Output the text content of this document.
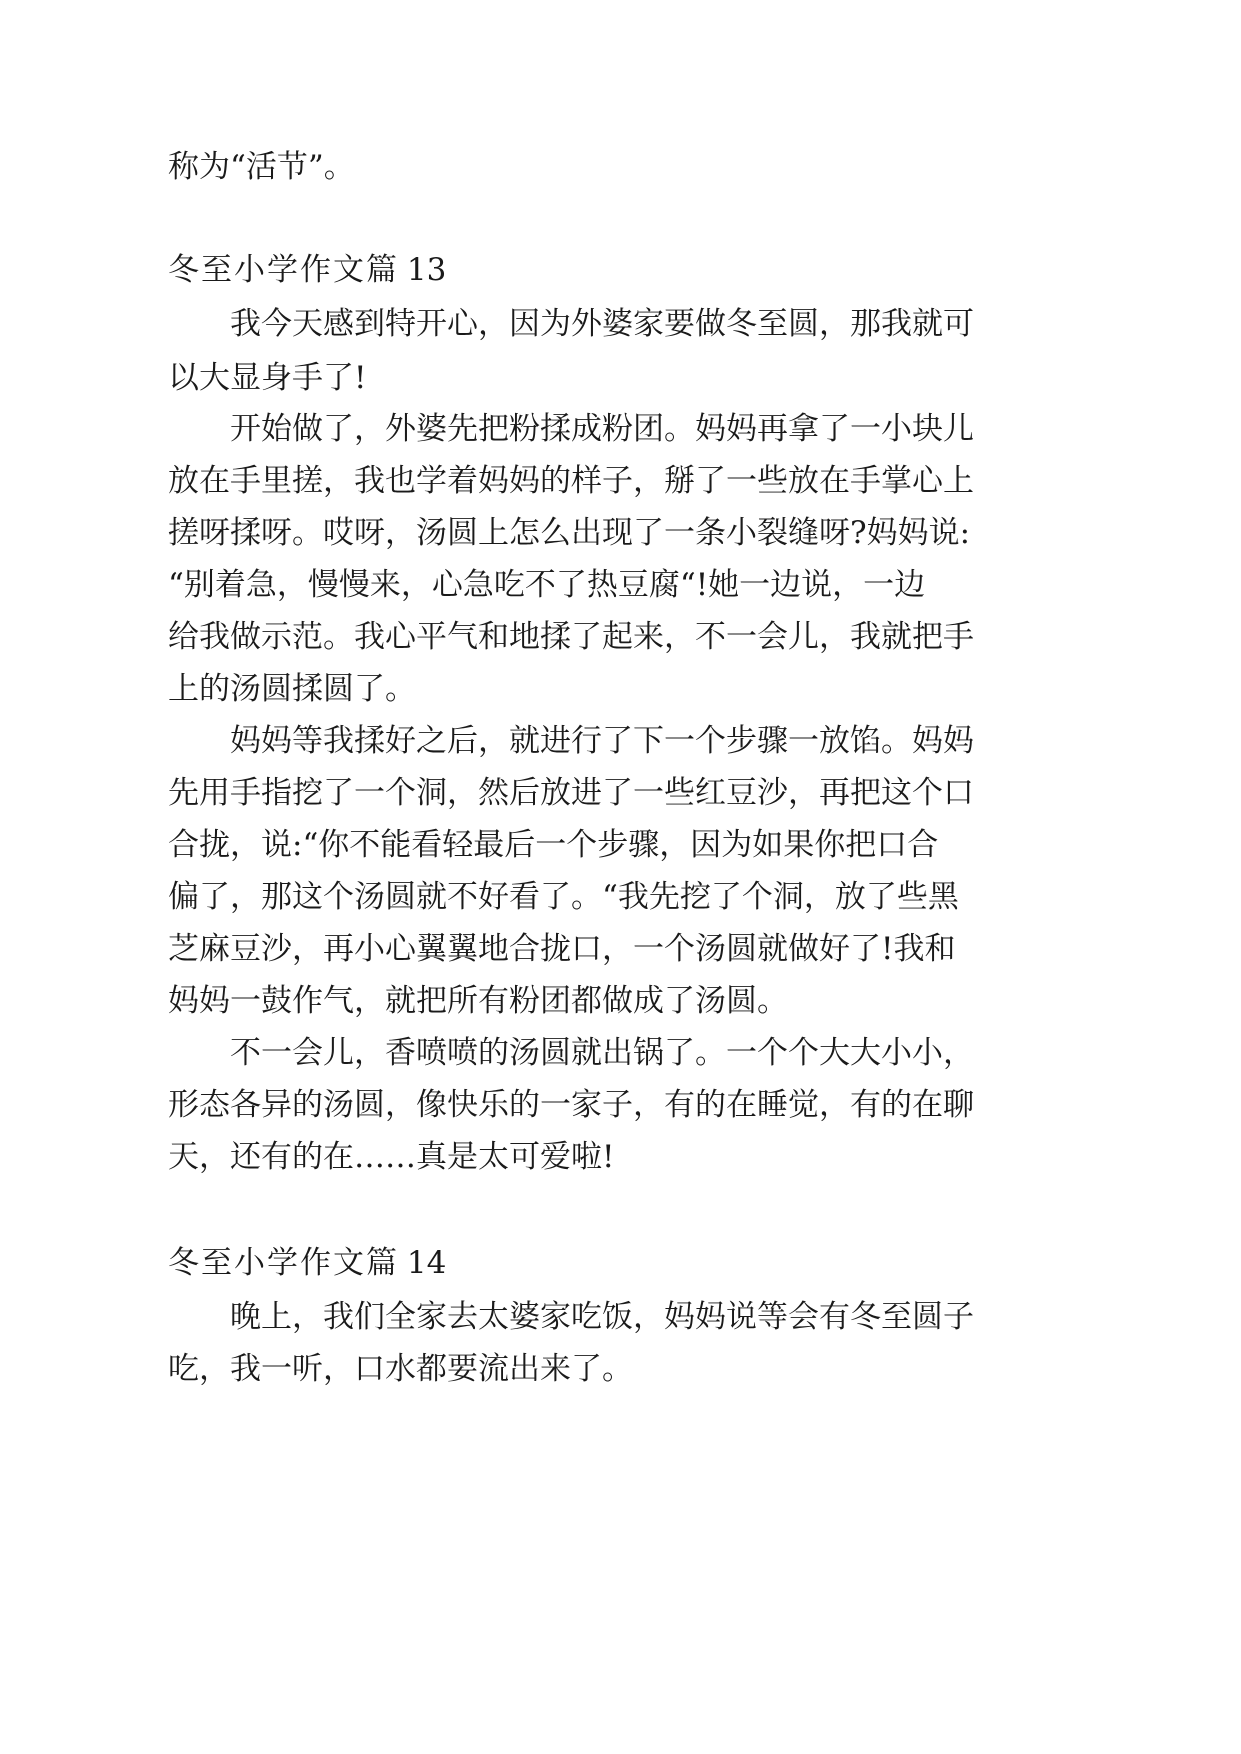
称为“活节”。
冬至小学作文 篇 13
我今天感到特开心，因为外婆家要做冬至圆，那我就可
以大显身手了!
开始做了，外婆先把粉揉成粉团。妈妈再拿了一小块儿
放在手里搓，我也学着妈妈的样子，掰了一些放在手掌心上
搓呀揉呀。哎呀，汤圆上怎么出现了一条小裂缝呀?妈妈说:
“别着急，慢慢来，心急吃不了热豆腐“!她一边说，一边
给我做示范。我心平气和地揉了起来，不一会儿，我就把手
上的汤圆揉圆了。
妈妈等我揉好之后，就进行了下一个步骤一放馅。妈妈
先用手指挖了一个洞，然后放进了一些红豆沙，再把这个口
合拢，说:“你不能看轻最后一个步骤，因为如果你把口合
偏了，那这个汤圆就不好看了。“我先挖了个洞，放了些黑
芝麻豆沙，再小心翼翼地合拢口，一个汤圆就做好了!我和
妈妈一鼓作气，就把所有粉团都做成了汤圆。
不一会儿，香喷喷的汤圆就出锅了。一个个大大小小，
形态各异的汤圆，像快乐的一家子，有的在睡觉，有的在聊
天，还有的在……真是太可爱啦!
冬至小学作文 篇 14
晚上，我们全家去太婆家吃饭，妈妈说等会有冬至圆子
吃，我一听，口水都要流出来了。
